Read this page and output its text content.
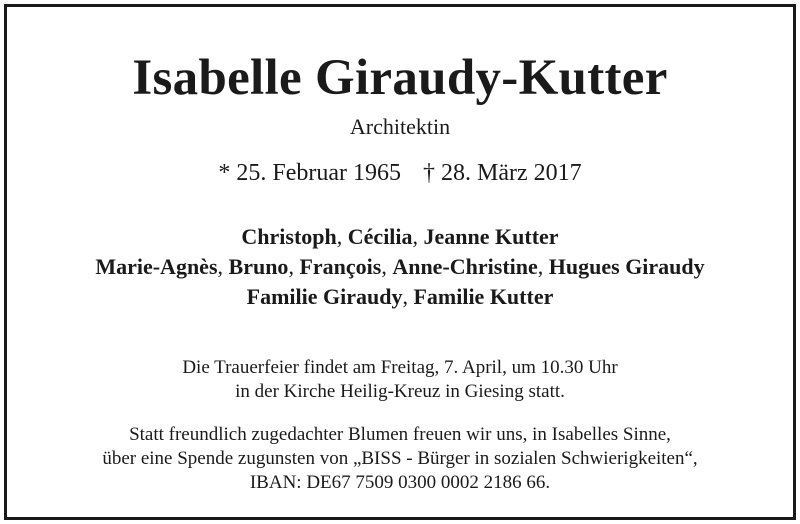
Isabelle Giraudy-Kutter
Architektin
* 25. Februar 1965 † 28. März 2017
Christoph, Cécilia, Jeanne Kutter
Marie-Agnès, Bruno, François, Anne-Christine, Hugues Giraudy
Familie Giraudy, Familie Kutter
Die Trauerfeier findet am Freitag, 7. April, um 10.30 Uhr
in der Kirche Heilig-Kreuz in Giesing statt.
Statt freundlich zugedachter Blumen freuen wir uns, in Isabelles Sinne,
über eine Spende zugunsten von „BISS - Bürger in sozialen Schwierigkeiten“,
IBAN: DE67 7509 0300 0002 2186 66.
